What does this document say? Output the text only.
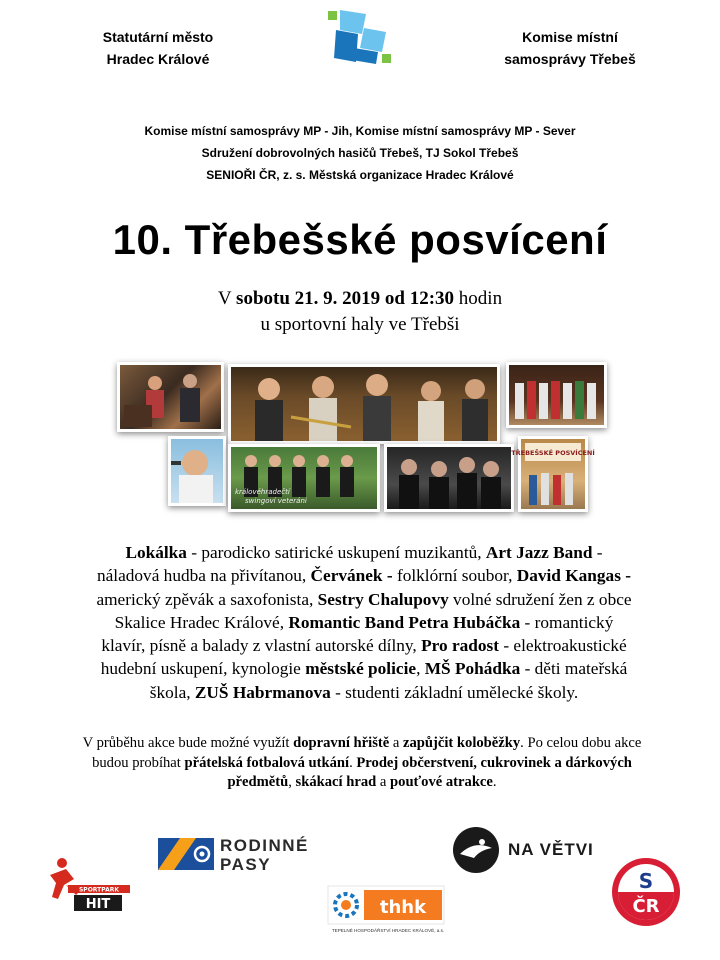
Statutární město
Hradec Králové
Komise místní
samosprávy Třebeš
Komise místní samosprávy MP - Jih, Komise místní samosprávy MP - Sever
Sdružení dobrovolných hasičů Třebeš, TJ Sokol Třebeš
SENIOŘI ČR, z. s. Městská organizace Hradec Králové
10. Třebešské posvícení
V sobotu 21. 9. 2019 od 12:30 hodin
u sportovní haly ve Třebši
královéhradečtí
swingoví veteráni
TŘEBEŠSKÉ POSVÍCENÍ
Lokálka - parodicko satirické uskupení muzikantů, Art Jazz Band - náladová hudba na přivítanou, Červánek - folklórní soubor, David Kangas - americký zpěvák a saxofonista, Sestry Chalupovy volné sdružení žen z obce Skalice Hradec Králové, Romantic Band Petra Hubáčka - romantický klavír, písně a balady z vlastní autorské dílny, Pro radost - elektroakustické hudební uskupení, kynologie městské policie, MŠ Pohádka - děti mateřská škola, ZUŠ Habrmanova - studenti základní umělecké školy.
V průběhu akce bude možné využít dopravní hřiště a zapůjčit koloběžky. Po celou dobu akce budou probíhat přátelská fotbalová utkání. Prodej občerstvení, cukrovinek a dárkových předmětů, skákací hrad a pouťové atrakce.
RODINNÉ
PASY
NA VĚTVI
SPORTPARK
HIT	thhk
TEPELNÉ HOSPODÁŘSTVÍ HRADEC KRÁLOVÉ, a.s.
S
ČR
